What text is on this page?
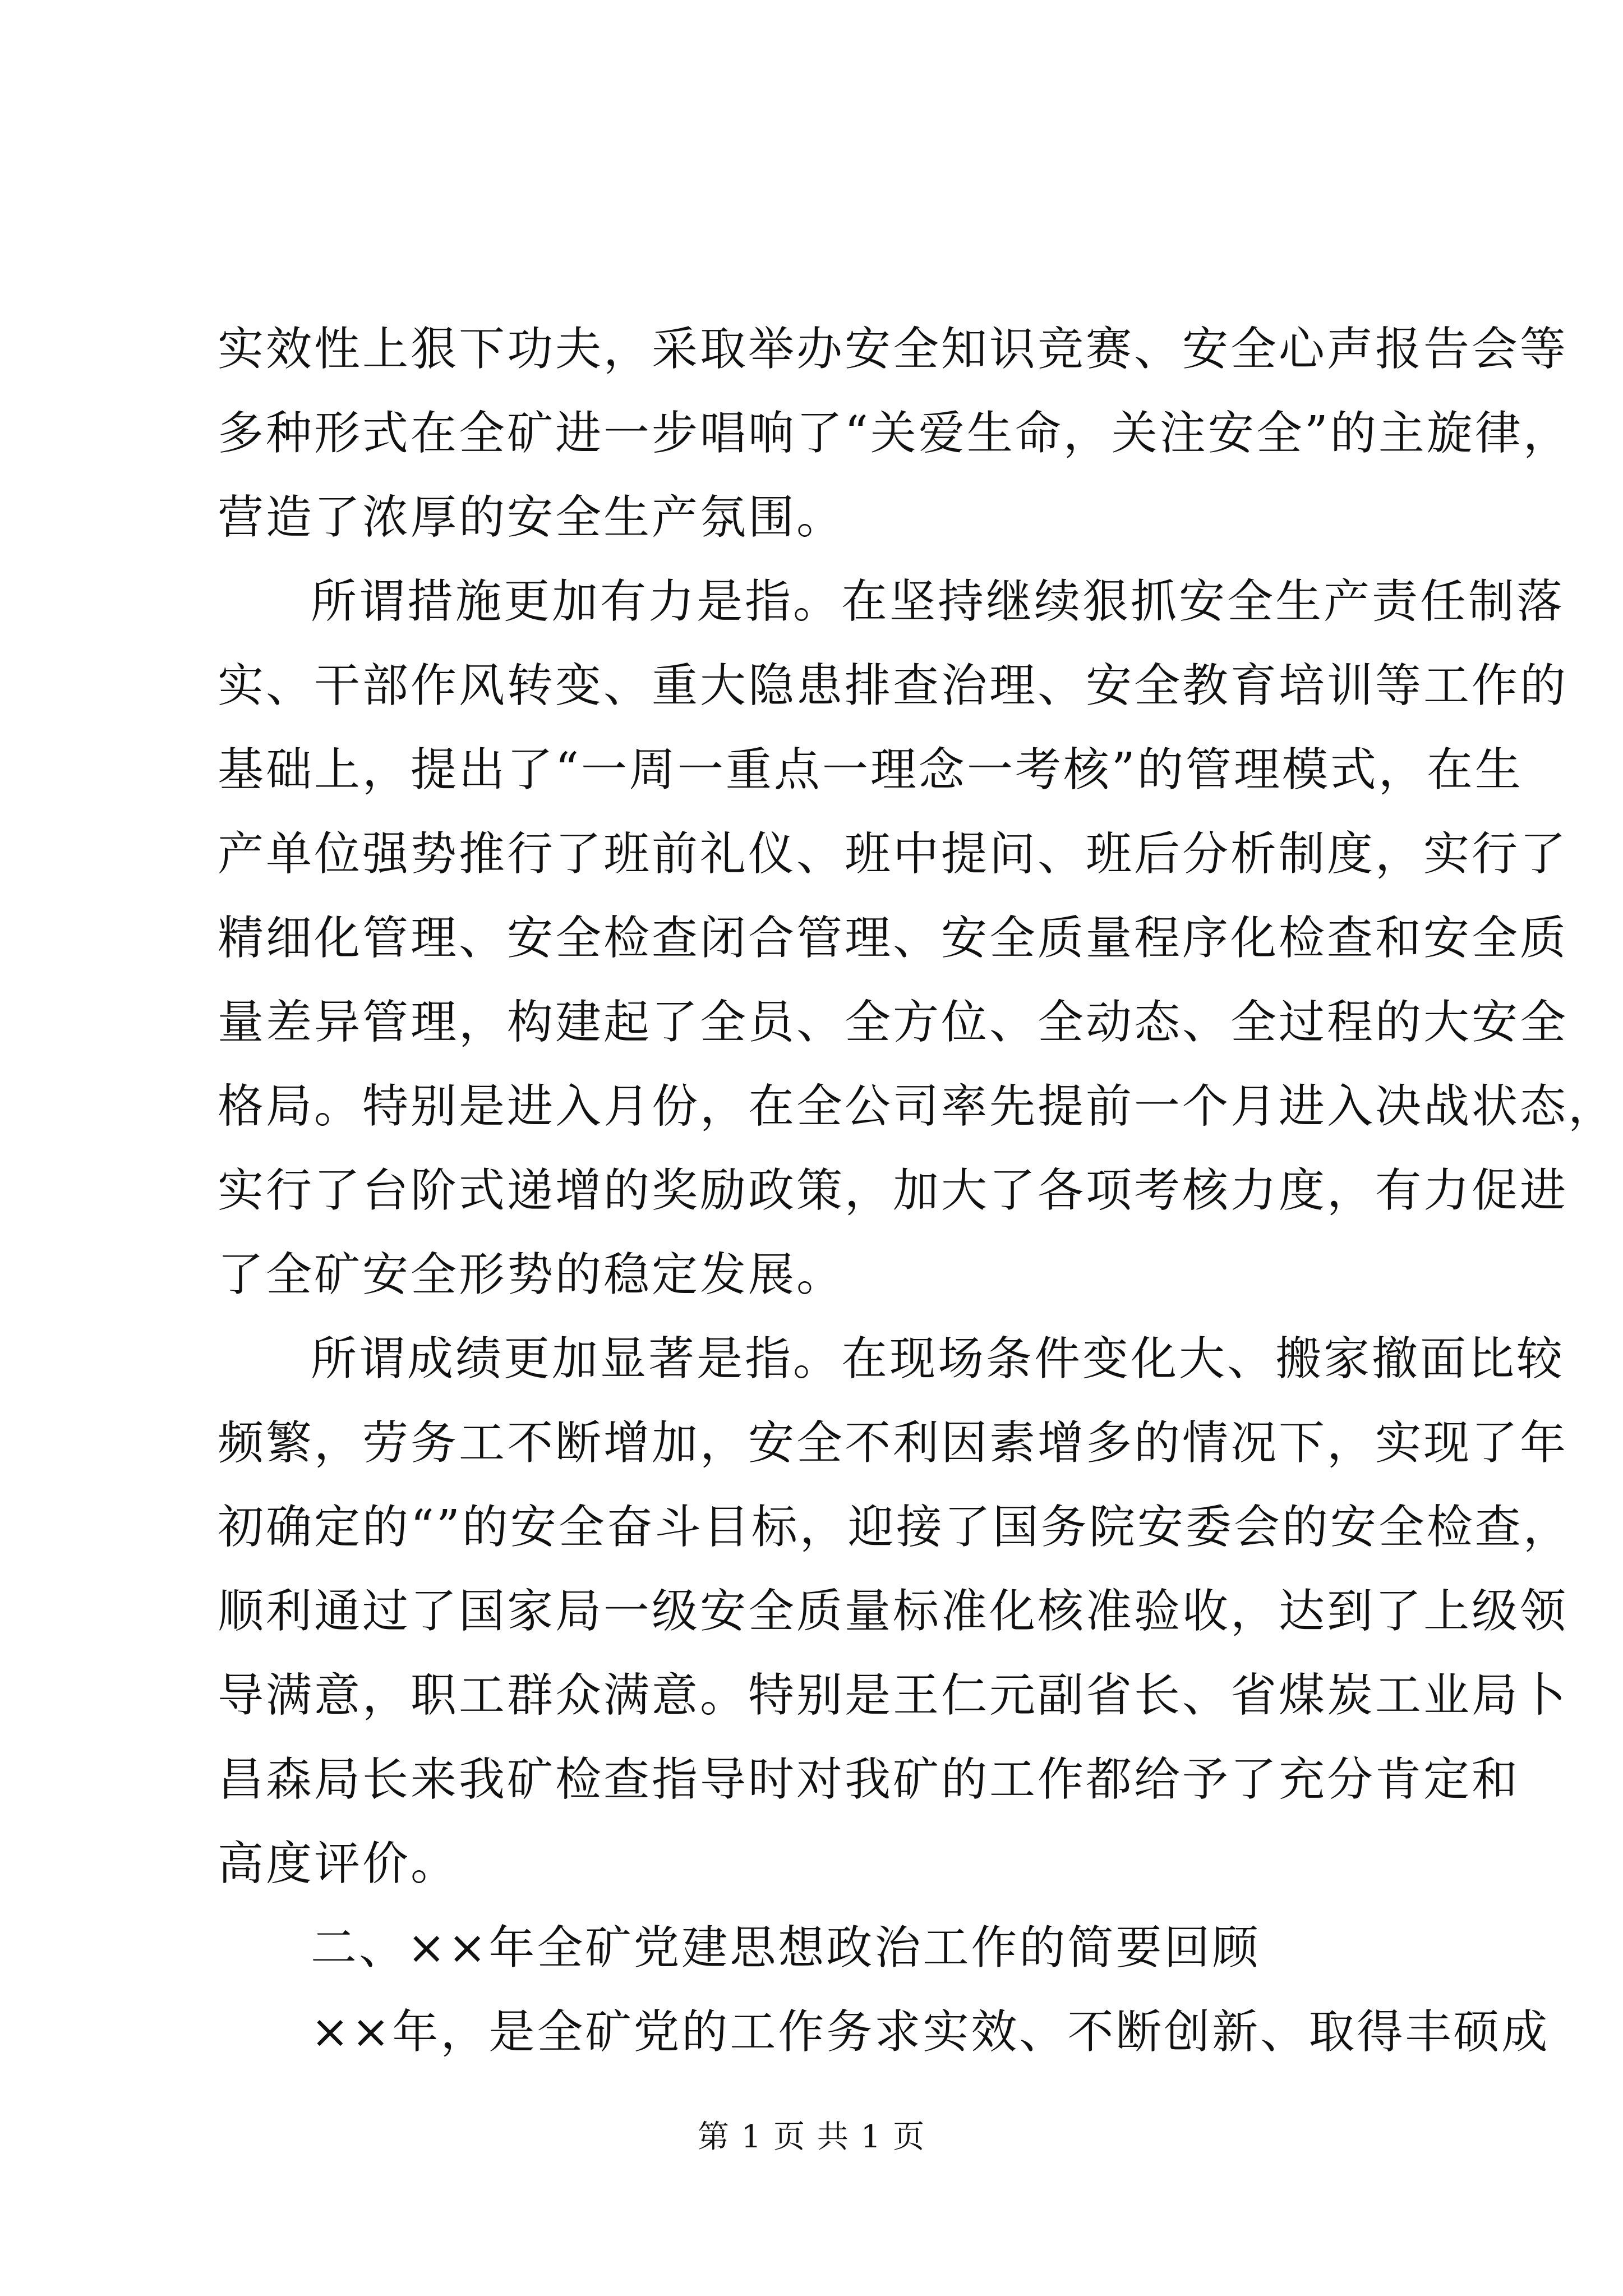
实效性上狠下功夫，采取举办安全知识竞赛、安全心声报告会等
多种形式在全矿进一步唱响了“关爱生命，关注安全”的主旋律，
营造了浓厚的安全生产氛围。
所谓措施更加有力是指。在坚持继续狠抓安全生产责任制落
实、干部作风转变、重大隐患排查治理、安全教育培训等工作的
基础上，提出了“一周一重点一理念一考核”的管理模式，在生
产单位强势推行了班前礼仪、班中提问、班后分析制度，实行了
精细化管理、安全检查闭合管理、安全质量程序化检查和安全质
量差异管理，构建起了全员、全方位、全动态、全过程的大安全
格局。特别是进入月份，在全公司率先提前一个月进入决战状态，
实行了台阶式递增的奖励政策，加大了各项考核力度，有力促进
了全矿安全形势的稳定发展。
所谓成绩更加显著是指。在现场条件变化大、搬家撤面比较
频繁，劳务工不断增加，安全不利因素增多的情况下，实现了年
初确定的“”的安全奋斗目标，迎接了国务院安委会的安全检查，
顺利通过了国家局一级安全质量标准化核准验收，达到了上级领
导满意，职工群众满意。特别是王仁元副省长、省煤炭工业局卜
昌森局长来我矿检查指导时对我矿的工作都给予了充分肯定和
高度评价。
二、××年全矿党建思想政治工作的简要回顾
××年，是全矿党的工作务求实效、不断创新、取得丰硕成
第 1 页 共 1 页
